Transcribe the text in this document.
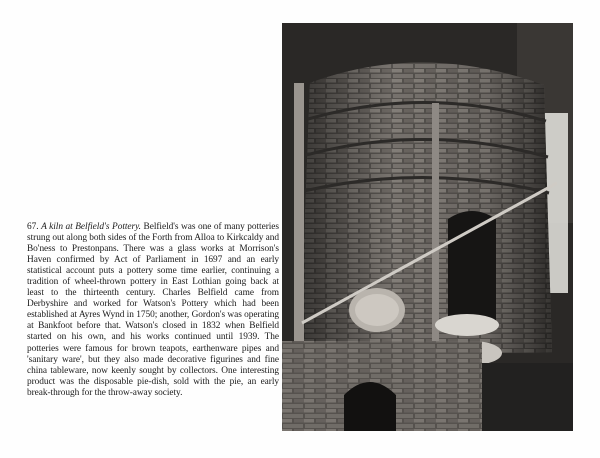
67. A kiln at Belfield's Pottery. Belfield's was one of many potteries strung out along both sides of the Forth from Alloa to Kirkcaldy and Bo'ness to Prestonpans. There was a glass works at Morrison's Haven confirmed by Act of Parliament in 1697 and an early statistical account puts a pottery some time earlier, continuing a tradition of wheel-thrown pottery in East Lothian going back at least to the thirteenth century. Charles Belfield came from Derbyshire and worked for Watson's Pottery which had been established at Ayres Wynd in 1750; another, Gordon's was operating at Bankfoot before that. Watson's closed in 1832 when Belfield started on his own, and his works continued until 1939. The potteries were famous for brown teapots, earthenware pipes and 'sanitary ware', but they also made decorative figurines and fine china tableware, now keenly sought by collectors. One interesting product was the disposable pie-dish, sold with the pie, an early break-through for the throw-away society.
